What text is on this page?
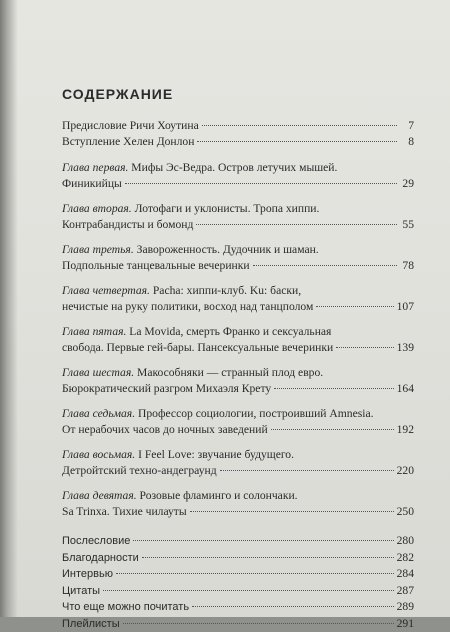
СОДЕРЖАНИЕ
Предисловие Ричи Хоутина	7
Вступление Хелен Донлон	8
Глава первая. Мифы Эс-Ведра. Остров летучих мышей.
Финикийцы	29
Глава вторая. Лотофаги и уклонисты. Тропа хиппи.
Контрабандисты и бомонд	55
Глава третья. Завороженность. Дудочник и шаман.
Подпольные танцевальные вечеринки	78
Глава четвертая. Pacha: хиппи-клуб. Ku: баски,
нечистые на руку политики, восход над танцполом	107
Глава пятая. La Movida, смерть Франко и сексуальная
свобода. Первые гей-бары. Пансексуальные вечеринки	139
Глава шестая. Макособняки — странный плод евро.
Бюрократический разгром Михаэля Крету	164
Глава седьмая. Профессор социологии, построивший Amnesia.
От нерабочих часов до ночных заведений	192
Глава восьмая. I Feel Love: звучание будущего.
Детройтский техно-андеграунд	220
Глава девятая. Розовые фламинго и солончаки.
Sa Trinxa. Тихие чилауты	250
Послесловие	280
Благодарности	282
Интервью	284
Цитаты	287
Что еще можно почитать	289
Плейлисты	291
